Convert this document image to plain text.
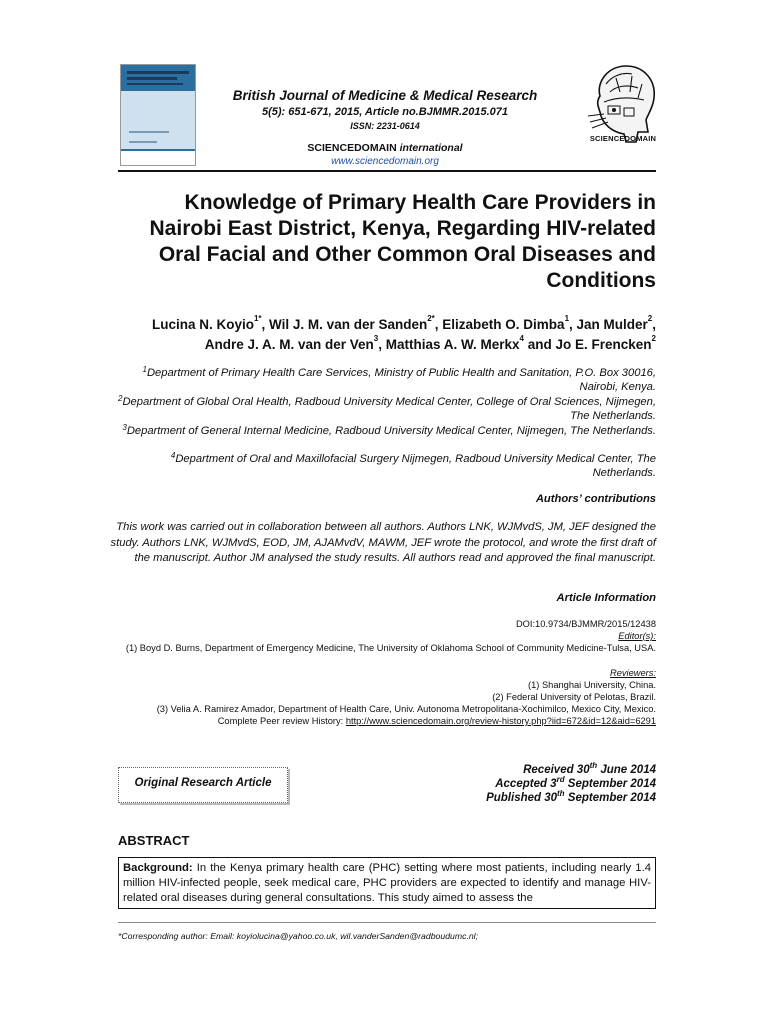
British Journal of Medicine & Medical Research
5(5): 651-671, 2015, Article no.BJMMR.2015.071
ISSN: 2231-0614
SCIENCEDOMAIN international
www.sciencedomain.org
SCIENCEDOMAIN
Knowledge of Primary Health Care Providers in Nairobi East District, Kenya, Regarding HIV-related Oral Facial and Other Common Oral Diseases and Conditions
Lucina N. Koyio$^{1*}$, Wil J. M. van der Sanden$^{2*}$, Elizabeth O. Dimba$^1$, Jan Mulder$^2$,
Andre J. A. M. van der Ven$^3$, Matthias A. W. Merkx$^4$ and Jo E. Frencken$^2$
$^1$Department of Primary Health Care Services, Ministry of Public Health and Sanitation, P.O. Box 30016, Nairobi, Kenya.
$^2$Department of Global Oral Health, Radboud University Medical Center, College of Oral Sciences, Nijmegen, The Netherlands.
$^3$Department of General Internal Medicine, Radboud University Medical Center, Nijmegen, The Netherlands.
$^4$Department of Oral and Maxillofacial Surgery Nijmegen, Radboud University Medical Center, The Netherlands.
Authors’ contributions
This work was carried out in collaboration between all authors. Authors LNK, WJMvdS, JM, JEF designed the study. Authors LNK, WJMvdS, EOD, JM, AJAMvdV, MAWM, JEF wrote the protocol, and wrote the first draft of the manuscript. Author JM analysed the study results. All authors read and approved the final manuscript.
Article Information
DOI:10.9734/BJMMR/2015/12438
Editor(s):
(1) Boyd D. Burns, Department of Emergency Medicine, The University of Oklahoma School of Community Medicine-Tulsa, USA.
Reviewers:
(1) Shanghai University, China.
(2) Federal University of Pelotas, Brazil.
(3) Velia A. Ramirez Amador, Department of Health Care, Univ. Autonoma Metropolitana-Xochimilco, Mexico City, Mexico.
Complete Peer review History: http://www.sciencedomain.org/review-history.php?iid=672&id=12&aid=6291
Original Research Article
Received 30th June 2014
Accepted 3rd September 2014
Published 30th September 2014
ABSTRACT
Background: In the Kenya primary health care (PHC) setting where most patients, including nearly 1.4 million HIV-infected people, seek medical care, PHC providers are expected to identify and manage HIV-related oral diseases during general consultations. This study aimed to assess the
*Corresponding author: Email: koyiolucina@yahoo.co.uk, wil.vanderSanden@radboudumc.nl;
